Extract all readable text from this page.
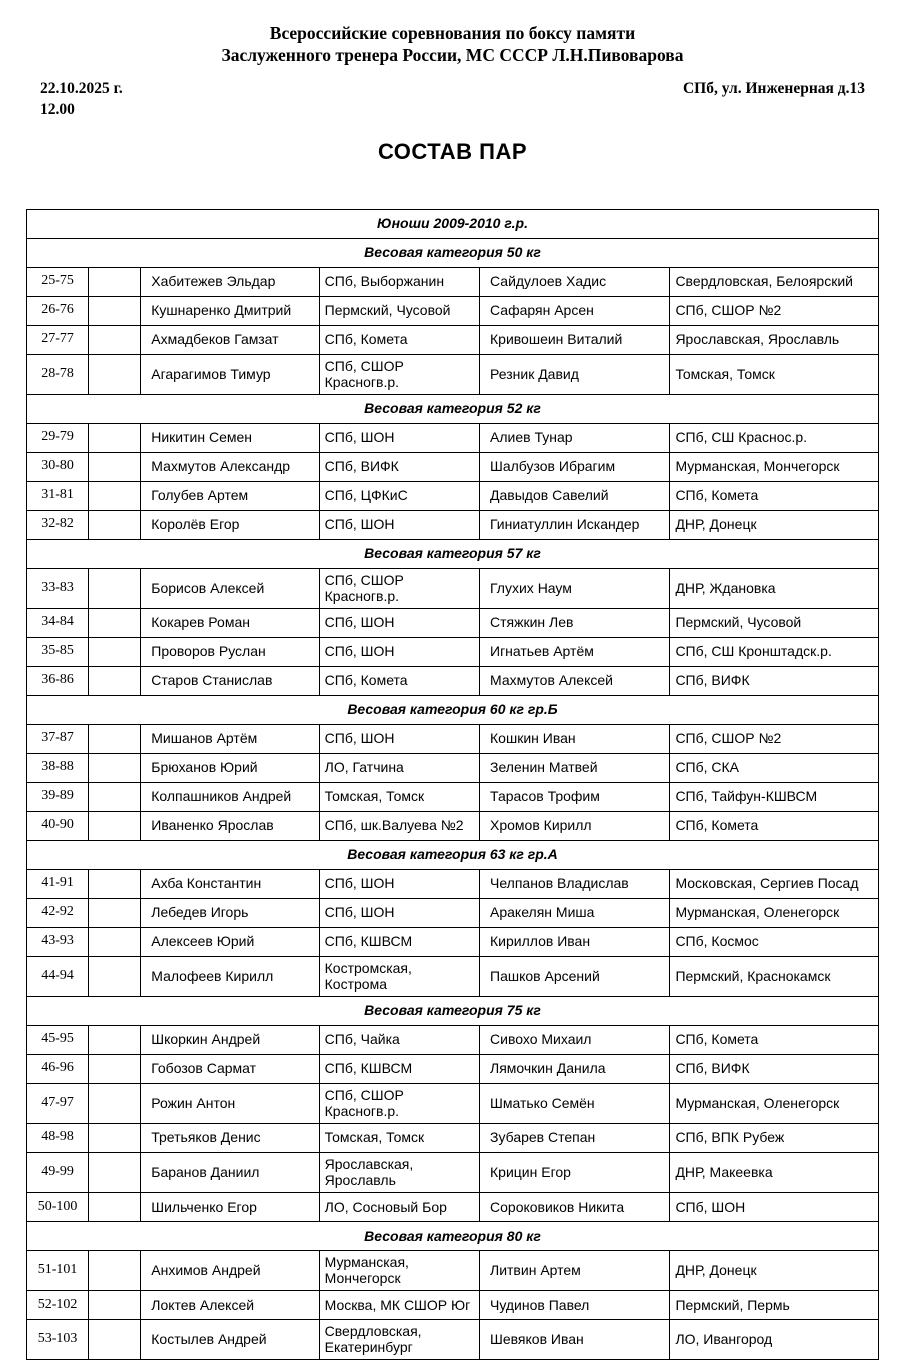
Всероссийские соревнования по боксу памяти
Заслуженного тренера России, МС СССР Л.Н.Пивоварова
22.10.2025 г.
12.00
СПб, ул. Инженерная д.13
СОСТАВ ПАР
Юноши 2009-2010 г.р.					
Весовая категория 50 кг					
25-75		Хабитежев Эльдар	СПб, Выборжанин	Сайдулоев Хадис	Свердловская, Белоярский
26-76		Кушнаренко Дмитрий	Пермский, Чусовой	Сафарян Арсен	СПб, СШОР №2
27-77		Ахмадбеков Гамзат	СПб, Комета	Кривошеин Виталий	Ярославская, Ярославль
28-78		Агарагимов Тимур	СПб, СШОР Красногв.р.	Резник Давид	Томская, Томск
Весовая категория 52 кг					
29-79		Никитин Семен	СПб, ШОН	Алиев Тунар	СПб, СШ Краснос.р.
30-80		Махмутов Александр	СПб, ВИФК	Шалбузов Ибрагим	Мурманская, Мончегорск
31-81		Голубев Артем	СПб, ЦФКиС	Давыдов Савелий	СПб, Комета
32-82		Королёв Егор	СПб, ШОН	Гиниатуллин Искандер	ДНР, Донецк
Весовая категория 57 кг					
33-83		Борисов Алексей	СПб, СШОР Красногв.р.	Глухих Наум	ДНР, Ждановка
34-84		Кокарев Роман	СПб, ШОН	Стяжкин Лев	Пермский, Чусовой
35-85		Проворов Руслан	СПб, ШОН	Игнатьев Артём	СПб, СШ Кронштадск.р.
36-86		Старов Станислав	СПб, Комета	Махмутов Алексей	СПб, ВИФК
Весовая категория 60 кг гр.Б					
37-87		Мишанов Артём	СПб, ШОН	Кошкин Иван	СПб, СШОР №2
38-88		Брюханов Юрий	ЛО, Гатчина	Зеленин Матвей	СПб, СКА
39-89		Колпашников Андрей	Томская, Томск	Тарасов Трофим	СПб, Тайфун-КШВСМ
40-90		Иваненко Ярослав	СПб, шк.Валуева №2	Хромов Кирилл	СПб, Комета
Весовая категория 63 кг гр.А					
41-91		Ахба Константин	СПб, ШОН	Челпанов Владислав	Московская, Сергиев Посад
42-92		Лебедев Игорь	СПб, ШОН	Аракелян Миша	Мурманская, Оленегорск
43-93		Алексеев Юрий	СПб, КШВСМ	Кириллов Иван	СПб, Космос
44-94		Малофеев Кирилл	Костромская, Кострома	Пашков Арсений	Пермский, Краснокамск
Весовая категория 75 кг					
45-95		Шкоркин Андрей	СПб, Чайка	Сивохо Михаил	СПб, Комета
46-96		Гобозов Сармат	СПб, КШВСМ	Лямочкин Данила	СПб, ВИФК
47-97		Рожин Антон	СПб, СШОР Красногв.р.	Шматько Семён	Мурманская, Оленегорск
48-98		Третьяков Денис	Томская, Томск	Зубарев Степан	СПб, ВПК Рубеж
49-99		Баранов Даниил	Ярославская, Ярославль	Крицин Егор	ДНР, Макеевка
50-100		Шильченко Егор	ЛО, Сосновый Бор	Сороковиков Никита	СПб, ШОН
Весовая категория 80 кг					
51-101		Анхимов Андрей	Мурманская, Мончегорск	Литвин Артем	ДНР, Донецк
52-102		Локтев Алексей	Москва, МК СШОР Юг	Чудинов Павел	Пермский, Пермь
53-103		Костылев Андрей	Свердловская, Екатеринбург	Шевяков Иван	ЛО, Ивангород
